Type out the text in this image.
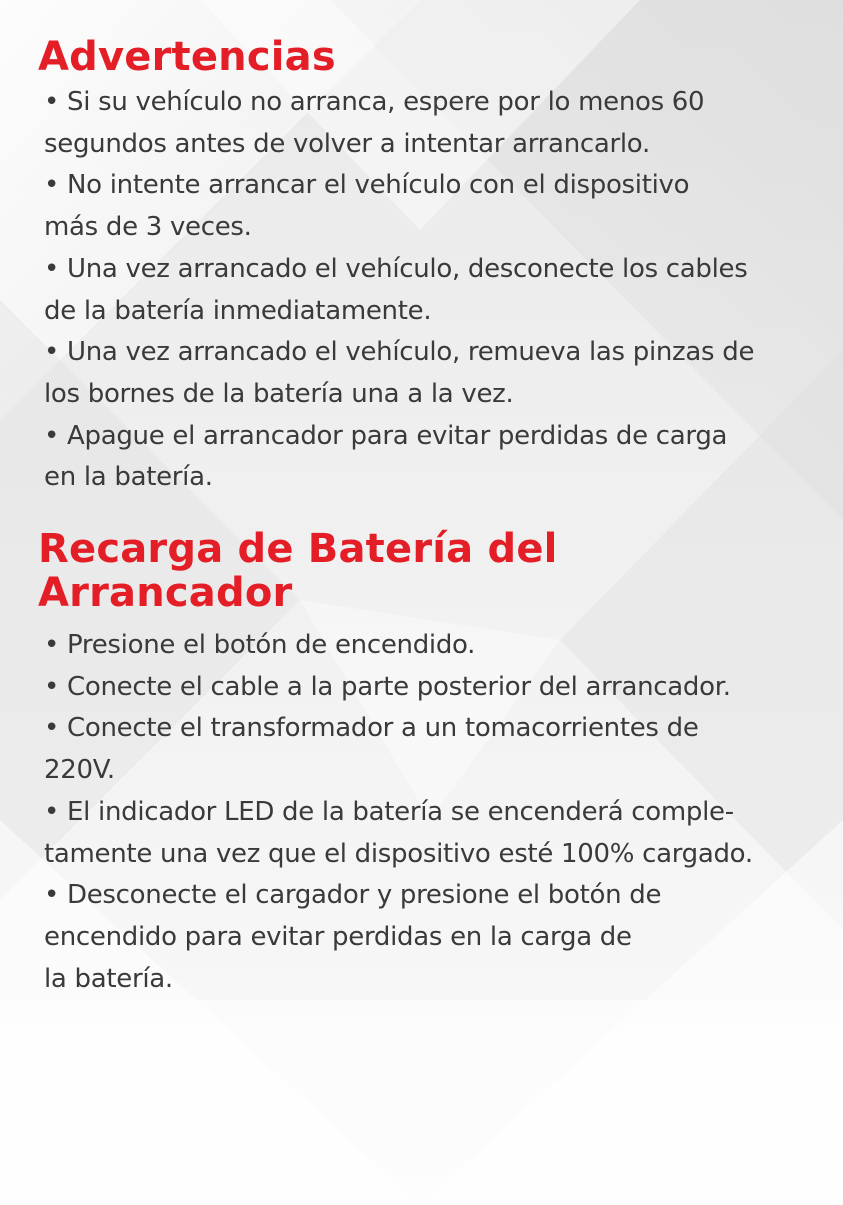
Advertencias
• Si su vehículo no arranca, espere por lo menos 60
segundos antes de volver a intentar arrancarlo.
• No intente arrancar el vehículo con el dispositivo
más de 3 veces.
• Una vez arrancado el vehículo, desconecte los cables
de la batería inmediatamente.
• Una vez arrancado el vehículo, remueva las pinzas de
los bornes de la batería una a la vez.
• Apague el arrancador para evitar perdidas de carga
en la batería.
Recarga de Batería del
Arrancador
• Presione el botón de encendido.
• Conecte el cable a la parte posterior del arrancador.
• Conecte el transformador a un tomacorrientes de
220V.
• El indicador LED de la batería se encenderá comple-
tamente una vez que el dispositivo esté 100% cargado.
• Desconecte el cargador y presione el botón de
encendido para evitar perdidas en la carga de
la batería.
